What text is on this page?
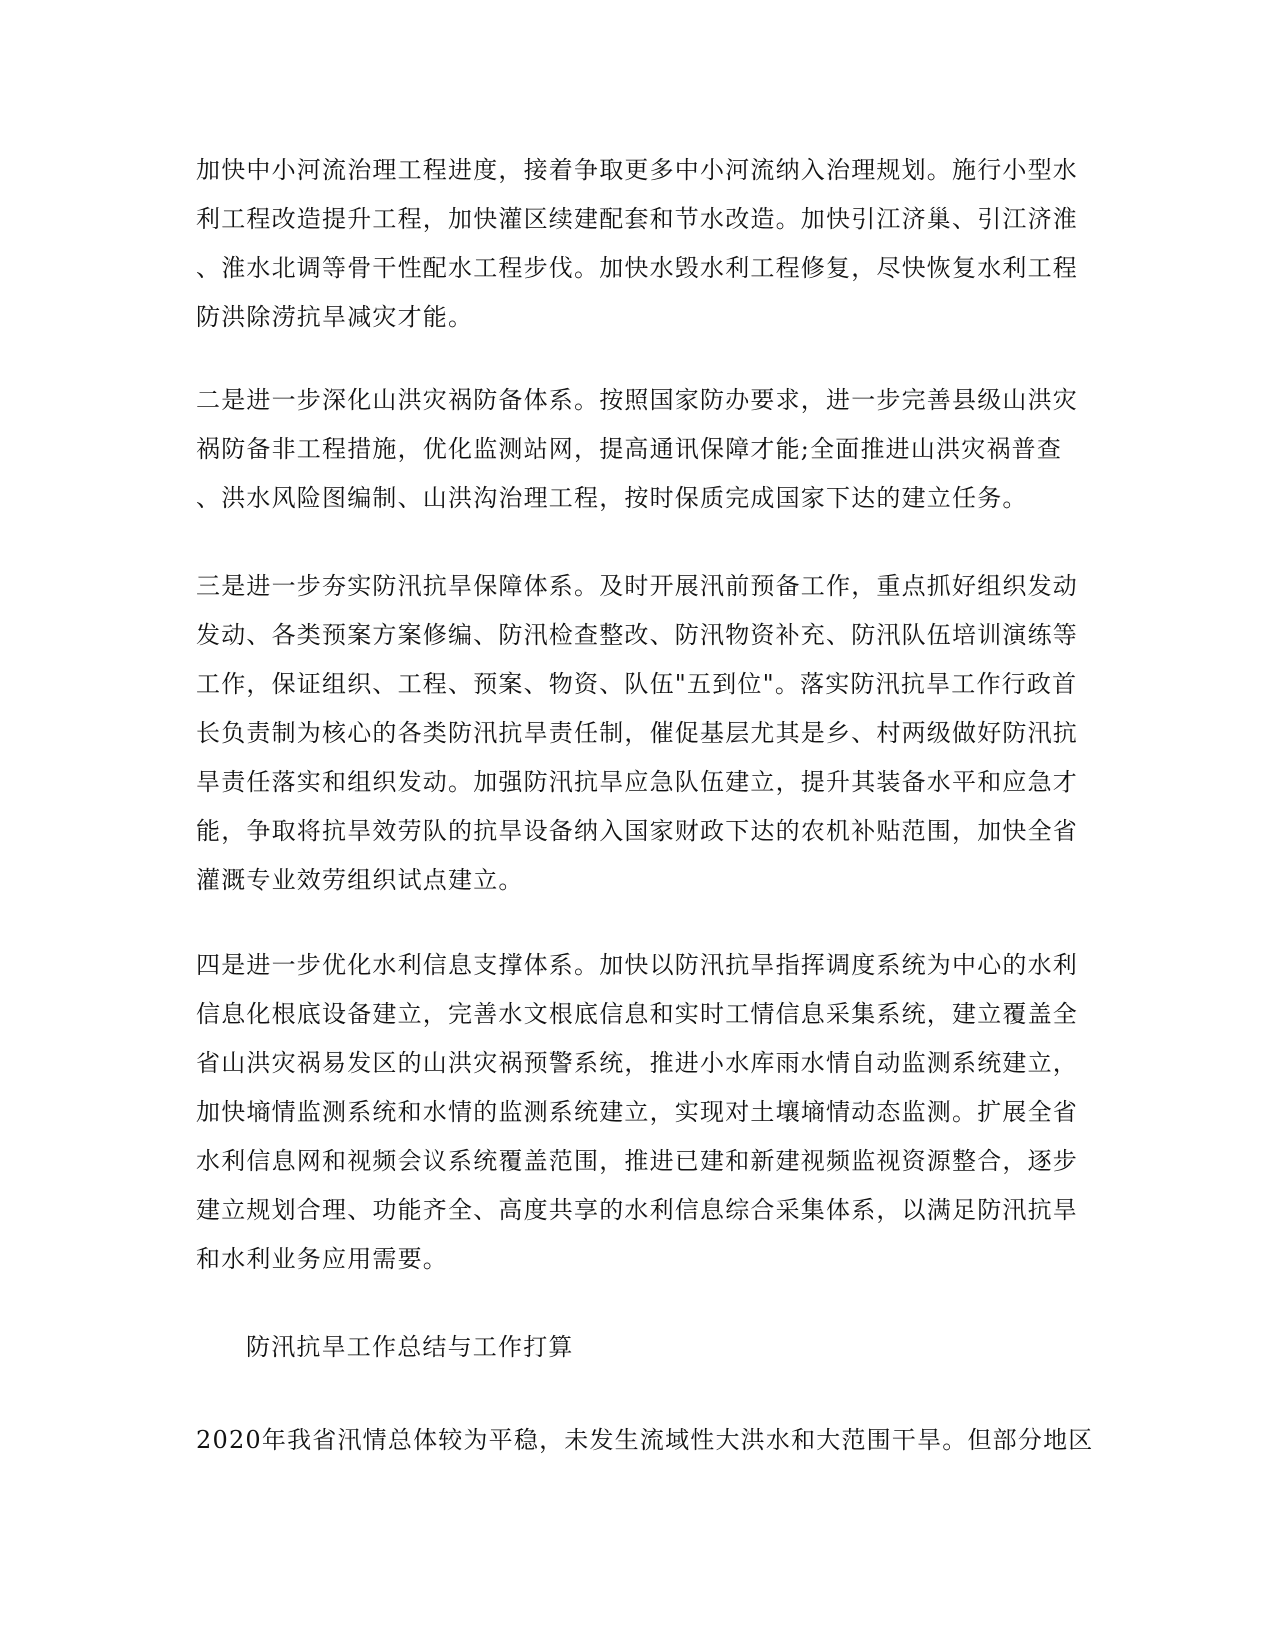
加快中小河流治理工程进度，接着争取更多中小河流纳入治理规划。施行小型水
利工程改造提升工程，加快灌区续建配套和节水改造。加快引江济巢、引江济淮
、淮水北调等骨干性配水工程步伐。加快水毁水利工程修复，尽快恢复水利工程
防洪除涝抗旱减灾才能。
二是进一步深化山洪灾祸防备体系。按照国家防办要求，进一步完善县级山洪灾
祸防备非工程措施，优化监测站网，提高通讯保障才能;全面推进山洪灾祸普查
、洪水风险图编制、山洪沟治理工程，按时保质完成国家下达的建立任务。
三是进一步夯实防汛抗旱保障体系。及时开展汛前预备工作，重点抓好组织发动
发动、各类预案方案修编、防汛检查整改、防汛物资补充、防汛队伍培训演练等
工作，保证组织、工程、预案、物资、队伍"五到位"。落实防汛抗旱工作行政首
长负责制为核心的各类防汛抗旱责任制，催促基层尤其是乡、村两级做好防汛抗
旱责任落实和组织发动。加强防汛抗旱应急队伍建立，提升其装备水平和应急才
能，争取将抗旱效劳队的抗旱设备纳入国家财政下达的农机补贴范围，加快全省
灌溉专业效劳组织试点建立。
四是进一步优化水利信息支撑体系。加快以防汛抗旱指挥调度系统为中心的水利
信息化根底设备建立，完善水文根底信息和实时工情信息采集系统，建立覆盖全
省山洪灾祸易发区的山洪灾祸预警系统，推进小水库雨水情自动监测系统建立，
加快墒情监测系统和水情的监测系统建立，实现对土壤墒情动态监测。扩展全省
水利信息网和视频会议系统覆盖范围，推进已建和新建视频监视资源整合，逐步
建立规划合理、功能齐全、高度共享的水利信息综合采集体系，以满足防汛抗旱
和水利业务应用需要。
防汛抗旱工作总结与工作打算
2020年我省汛情总体较为平稳，未发生流域性大洪水和大范围干旱。但部分地区
